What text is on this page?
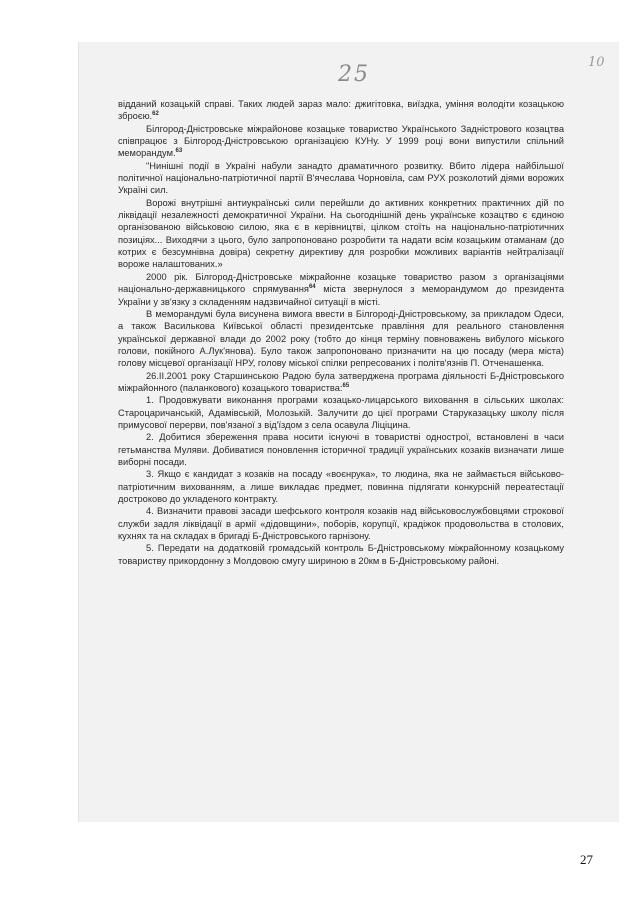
25	10

відданий козацькій справі. Таких людей зараз мало: джигітовка, виїздка, уміння володіти козацькою зброєю.$^{62}$

Білгород-Дністровське міжрайонове козацьке товариство Українського Задністрового козацтва співпрацює з Білгород-Дністровською організацією КУНу. У 1999 році вони випустили спільний меморандум.$^{63}$

"Нинішні події в Україні набули занадто драматичного розвитку. Вбито лідера найбільшої політичної національно-патріотичної партії В'ячеслава Чорновіла, сам РУХ розколотий діями ворожих Україні сил.

Ворожі внутрішні антиукраїнські сили перейшли до активних конкретних практичних дій по ліквідації незалежності демократичної України. На сьогоднішній день українське козацтво є єдиною організованою військовою силою, яка є в керівництві, цілком стоїть на національно-патріотичних позиціях... Виходячи з цього, було запропоновано розробити та надати всім козацьким отаманам (до котрих є безсумнівна довіра) секретну директиву для розробки можливих варіантів нейтралізації вороже налаштованих.»

2000 рік. Білгород-Дністровське міжрайонне козацьке товариство разом з організаціями національно-державницького спрямування$^{64}$ міста звернулося з меморандумом до президента України у зв'язку з складенням надзвичайної ситуації в місті.

В меморандумі була висунена вимога ввести в Білгороді-Дністровському, за прикладом Одеси, а також Василькова Київської області президентське правління для реального становлення української державної влади до 2002 року (тобто до кінця терміну повноважень вибулого міського голови, покійного А.Лук'янова). Було також запропоновано призначити на цю посаду (мера міста) голову місцевої організації НРУ, голову міської спілки репресованих і політв'язнів П. Отченашенка.

26.ІІ.2001 року Старшинською Радою була затверджена програма діяльності Б-Дністровського міжрайонного (паланкового) козацького товариства:$^{65}$

1. Продовжувати виконання програми козацько-лицарського виховання в сільських школах: Староцаричанській, Адамівській, Молозькій. Залучити до цієї програми Старуказацьку школу після примусової перерви, пов'язаної з від'їздом з села осавула Ліціцина.

2. Добитися збереження права носити існуючі в товаристві однострої, встановлені в часи гетьманства Муляви. Добиватися поновлення історичної традиції українських козаків визначати лише виборні посади.

3. Якщо є кандидат з козаків на посаду «воєнрука», то людина, яка не займається військово-патріотичним вихованням, а лише викладає предмет, повинна підлягати конкурсній переатестації достроково до укладеного контракту.

4. Визначити правові засади шефського контроля козаків над військовослужбовцями строкової служби задля ліквідації в армії «дідовщини», поборів, корупції, крадіжок продовольства в столових, кухнях та на складах в бригаді Б-Дністровського гарнізону.

5. Передати на додатковій громадській контроль Б-Дністровському міжрайонному козацькому товариству прикордонну з Молдовою смугу шириною в 20км в Б-Дністровському районі.

27
